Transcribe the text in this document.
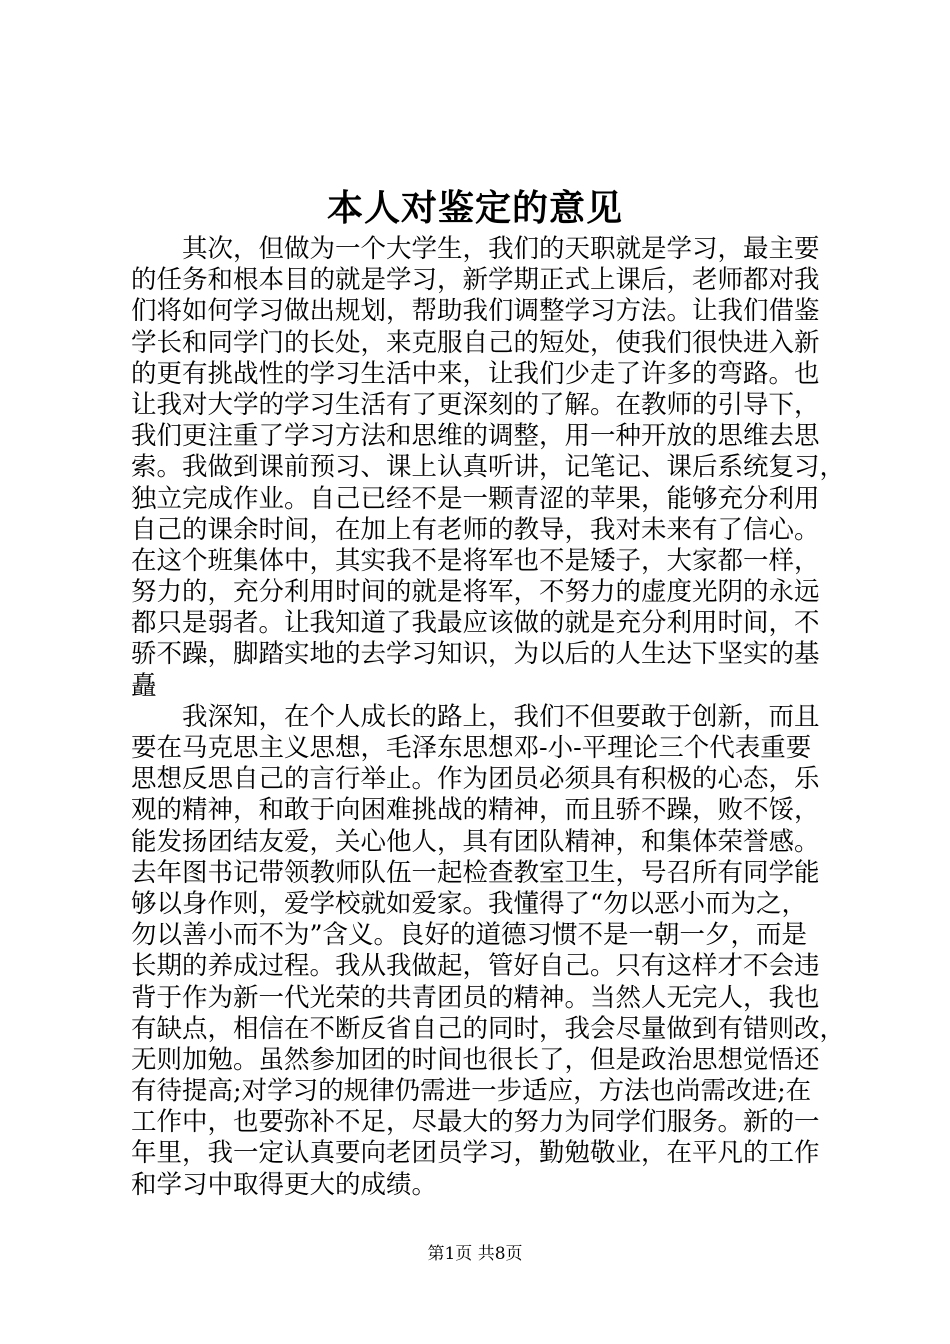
本人对鉴定的意见
其次，但做为一个大学生，我们的天职就是学习，最主要
的任务和根本目的就是学习，新学期正式上课后，老师都对我
们将如何学习做出规划，帮助我们调整学习方法。让我们借鉴
学长和同学门的长处，来克服自己的短处，使我们很快进入新
的更有挑战性的学习生活中来，让我们少走了许多的弯路。也
让我对大学的学习生活有了更深刻的了解。在教师的引导下，
我们更注重了学习方法和思维的调整，用一种开放的思维去思
索。我做到课前预习、课上认真听讲，记笔记、课后系统复习，
独立完成作业。自己已经不是一颗青涩的苹果，能够充分利用
自己的课余时间，在加上有老师的教导，我对未来有了信心。
在这个班集体中，其实我不是将军也不是矮子，大家都一样，
努力的，充分利用时间的就是将军，不努力的虚度光阴的永远
都只是弱者。让我知道了我最应该做的就是充分利用时间，不
骄不躁，脚踏实地的去学习知识，为以后的人生达下坚实的基
矗
我深知，在个人成长的路上，我们不但要敢于创新，而且
要在马克思主义思想，毛泽东思想邓-小-平理论三个代表重要
思想反思自己的言行举止。作为团员必须具有积极的心态，乐
观的精神，和敢于向困难挑战的精神，而且骄不躁，败不馁，
能发扬团结友爱，关心他人，具有团队精神，和集体荣誉感。
去年图书记带领教师队伍一起检查教室卫生，号召所有同学能
够以身作则，爱学校就如爱家。我懂得了“勿以恶小而为之，
勿以善小而不为”含义。良好的道德习惯不是一朝一夕，而是
长期的养成过程。我从我做起，管好自己。只有这样才不会违
背于作为新一代光荣的共青团员的精神。当然人无完人，我也
有缺点，相信在不断反省自己的同时，我会尽量做到有错则改，
无则加勉。虽然参加团的时间也很长了，但是政治思想觉悟还
有待提高;对学习的规律仍需进一步适应，方法也尚需改进;在
工作中，也要弥补不足，尽最大的努力为同学们服务。新的一
年里，我一定认真要向老团员学习，勤勉敬业，在平凡的工作
和学习中取得更大的成绩。
第1页 共8页
